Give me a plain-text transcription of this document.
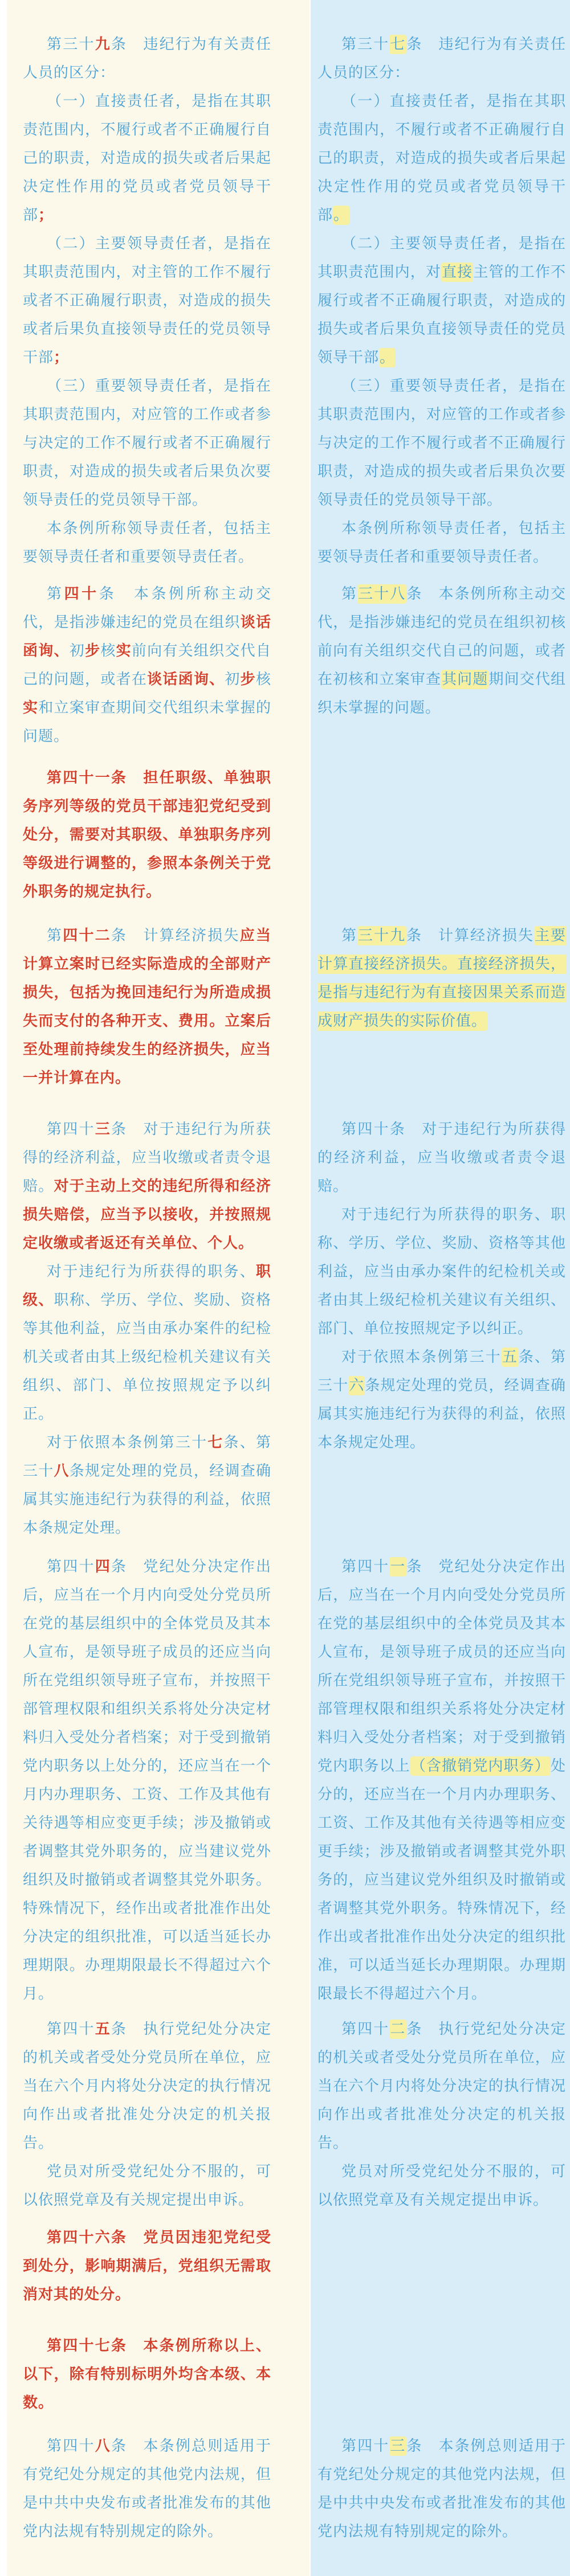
第三十九条　违纪行为有关责任人员的区分：

（一）直接责任者，是指在其职责范围内，不履行或者不正确履行自己的职责，对造成的损失或者后果起决定性作用的党员或者党员领导干部；

（二）主要领导责任者，是指在其职责范围内，对主管的工作不履行或者不正确履行职责，对造成的损失或者后果负直接领导责任的党员领导干部；

（三）重要领导责任者，是指在其职责范围内，对应管的工作或者参与决定的工作不履行或者不正确履行职责，对造成的损失或者后果负次要领导责任的党员领导干部。

本条例所称领导责任者，包括主要领导责任者和重要领导责任者。

第三十七条　违纪行为有关责任人员的区分：

（一）直接责任者，是指在其职责范围内，不履行或者不正确履行自己的职责，对造成的损失或者后果起决定性作用的党员或者党员领导干部。

（二）主要领导责任者，是指在其职责范围内，对直接主管的工作不履行或者不正确履行职责，对造成的损失或者后果负直接领导责任的党员领导干部。

（三）重要领导责任者，是指在其职责范围内，对应管的工作或者参与决定的工作不履行或者不正确履行职责，对造成的损失或者后果负次要领导责任的党员领导干部。

本条例所称领导责任者，包括主要领导责任者和重要领导责任者。

第四十条　本条例所称主动交代，是指涉嫌违纪的党员在组织谈话函询、初步核实前向有关组织交代自己的问题，或者在谈话函询、初步核实和立案审查期间交代组织未掌握的问题。

第三十八条　本条例所称主动交代，是指涉嫌违纪的党员在组织初核前向有关组织交代自己的问题，或者在初核和立案审查其问题期间交代组织未掌握的问题。

第四十一条　担任职级、单独职务序列等级的党员干部违犯党纪受到处分，需要对其职级、单独职务序列等级进行调整的，参照本条例关于党外职务的规定执行。

第四十二条　计算经济损失应当计算立案时已经实际造成的全部财产损失，包括为挽回违纪行为所造成损失而支付的各种开支、费用。立案后至处理前持续发生的经济损失，应当一并计算在内。

第三十九条　计算经济损失主要计算直接经济损失。直接经济损失，是指与违纪行为有直接因果关系而造成财产损失的实际价值。

第四十三条　对于违纪行为所获得的经济利益，应当收缴或者责令退赔。对于主动上交的违纪所得和经济损失赔偿，应当予以接收，并按照规定收缴或者返还有关单位、个人。

对于违纪行为所获得的职务、职级、职称、学历、学位、奖励、资格等其他利益，应当由承办案件的纪检机关或者由其上级纪检机关建议有关组织、部门、单位按照规定予以纠正。

对于依照本条例第三十七条、第三十八条规定处理的党员，经调查确属其实施违纪行为获得的利益，依照本条规定处理。

第四十条　对于违纪行为所获得的经济利益，应当收缴或者责令退赔。

对于违纪行为所获得的职务、职称、学历、学位、奖励、资格等其他利益，应当由承办案件的纪检机关或者由其上级纪检机关建议有关组织、部门、单位按照规定予以纠正。

对于依照本条例第三十五条、第三十六条规定处理的党员，经调查确属其实施违纪行为获得的利益，依照本条规定处理。

第四十四条　党纪处分决定作出后，应当在一个月内向受处分党员所在党的基层组织中的全体党员及其本人宣布，是领导班子成员的还应当向所在党组织领导班子宣布，并按照干部管理权限和组织关系将处分决定材料归入受处分者档案；对于受到撤销党内职务以上处分的，还应当在一个月内办理职务、工资、工作及其他有关待遇等相应变更手续；涉及撤销或者调整其党外职务的，应当建议党外组织及时撤销或者调整其党外职务。特殊情况下，经作出或者批准作出处分决定的组织批准，可以适当延长办理期限。办理期限最长不得超过六个月。

第四十一条　党纪处分决定作出后，应当在一个月内向受处分党员所在党的基层组织中的全体党员及其本人宣布，是领导班子成员的还应当向所在党组织领导班子宣布，并按照干部管理权限和组织关系将处分决定材料归入受处分者档案；对于受到撤销党内职务以上（含撤销党内职务）处分的，还应当在一个月内办理职务、工资、工作及其他有关待遇等相应变更手续；涉及撤销或者调整其党外职务的，应当建议党外组织及时撤销或者调整其党外职务。特殊情况下，经作出或者批准作出处分决定的组织批准，可以适当延长办理期限。办理期限最长不得超过六个月。

第四十五条　执行党纪处分决定的机关或者受处分党员所在单位，应当在六个月内将处分决定的执行情况向作出或者批准处分决定的机关报告。

党员对所受党纪处分不服的，可以依照党章及有关规定提出申诉。

第四十二条　执行党纪处分决定的机关或者受处分党员所在单位，应当在六个月内将处分决定的执行情况向作出或者批准处分决定的机关报告。

党员对所受党纪处分不服的，可以依照党章及有关规定提出申诉。

第四十六条　党员因违犯党纪受到处分，影响期满后，党组织无需取消对其的处分。

第四十七条　本条例所称以上、以下，除有特别标明外均含本级、本数。

第四十八条　本条例总则适用于有党纪处分规定的其他党内法规，但是中共中央发布或者批准发布的其他党内法规有特别规定的除外。

第四十三条　本条例总则适用于有党纪处分规定的其他党内法规，但是中共中央发布或者批准发布的其他党内法规有特别规定的除外。
